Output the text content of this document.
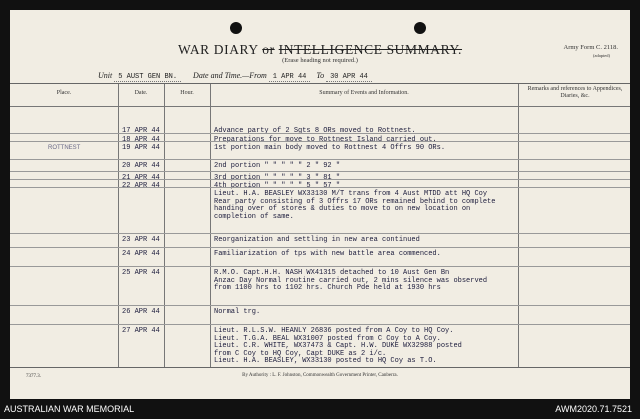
WAR DIARY or INTELLIGENCE SUMMARY.
(Erase heading not required.)
Army Form C. 2118.
(adapted)
Unit 5 AUST GEN BN. Date and Time.—From 1 APR 44 To 30 APR 44
Place.	Date.	Hour.	Summary of Events and Information.
Remarks and references to Appendices, Diaries, &c.
ROTTNEST
17 APR 44	Advance party of 2 Sgts 8 ORs moved to Rottnest.
18 APR 44	Preparations for move to Rottnest Island carried out.
19 APR 44	1st portion main body moved to Rottnest 4 Offrs 90 ORs.
20 APR 44	2nd portion " " " " " 2 " 92 "
21 APR 44	3rd portion " " " " " 3 " 81 "
22 APR 44	4th portion " " " " " 5 " 57 "
Lieut. H.A. BEASLEY WX33130 M/T trans from 4 Aust MTDD att HQ Coy
Rear party consisting of 3 Offrs 17 ORs remained behind to complete
handing over of stores & duties to move to on new location on
completion of same.
23 APR 44	Reorganization and settling in new area continued
24 APR 44	Familiarization of tps with new battle area commenced.
25 APR 44	R.M.O. Capt.H.H. NASH WX41315 detached to 10 Aust Gen Bn
Anzac Day Normal routine carried out, 2 mins silence was observed
from 1100 hrs to 1102 hrs. Church Pde held at 1930 hrs
26 APR 44	Normal trg.
27 APR 44	Lieut. R.L.S.W. HEANLY 26836 posted from A Coy to HQ Coy.
Lieut. T.G.A. BEAL WX31007 posted from C Coy to A Coy.
Lieut. C.R. WHITE, WX37473 & Capt. H.W. DUKE WX32988 posted
from C Coy to HQ Coy, Capt DUKE as 2 i/c.
Lieut. H.A. BEASLEY, WX33130 posted to HQ Coy as T.O.
7377.3.	By Authority : L. F. Johnston, Commonwealth Government Printer, Canberra.
AUSTRALIAN WAR MEMORIAL	AWM2020.71.7521
